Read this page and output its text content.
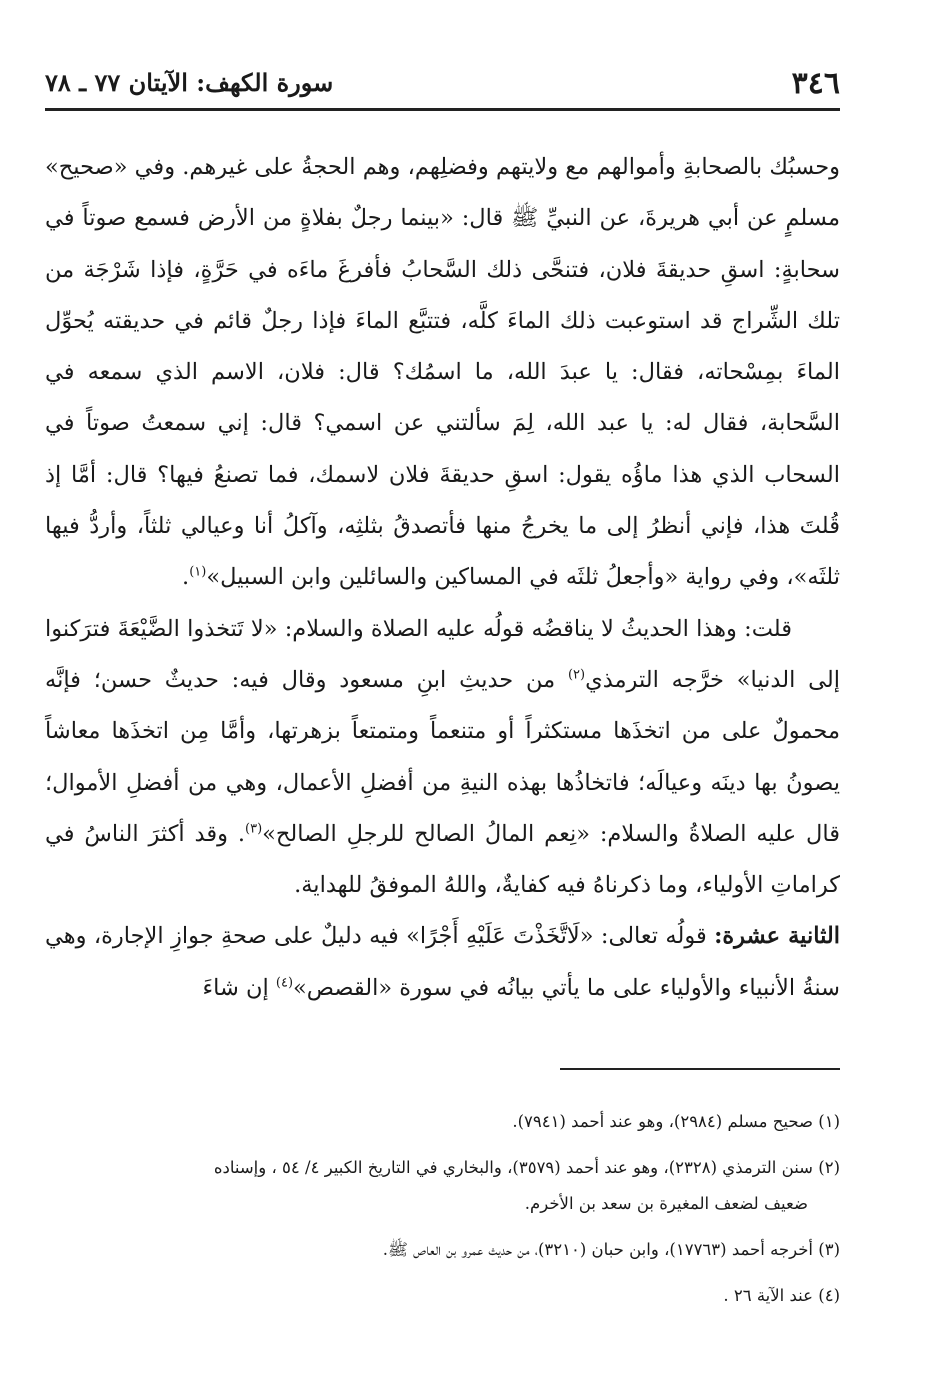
٣٤٦
سورة الكهف: الآيتان ٧٧ ـ ٧٨

وحسبُك بالصحابةِ وأموالهم مع ولايتهم وفضلِهم، وهم الحجةُ على غيرهم. وفي «صحيح» مسلمٍ عن أبي هريرةَ، عن النبيِّ ﷺ قال: «بينما رجلٌ بفلاةٍ من الأرض فسمع صوتاً في سحابةٍ: اسقِ حديقةَ فلان، فتنحَّى ذلك السَّحابُ فأفرغَ ماءَه في حَرَّةٍ، فإذا شَرْجَة من تلك الشِّراج قد استوعبت ذلك الماءَ كلَّه، فتتبَّع الماءَ فإذا رجلٌ قائم في حديقته يُحوِّل الماءَ بمِسْحاته، فقال: يا عبدَ الله، ما اسمُك؟ قال: فلان، الاسم الذي سمعه في السَّحابة، فقال له: يا عبد الله، لِمَ سألتني عن اسمي؟ قال: إني سمعتُ صوتاً في السحاب الذي هذا ماؤُه يقول: اسقِ حديقةَ فلان لاسمك، فما تصنعُ فيها؟ قال: أمَّا إذ قُلتَ هذا، فإني أنظرُ إلى ما يخرجُ منها فأتصدقُ بثلثِه، وآكلُ أنا وعيالي ثلثاً، وأردُّ فيها ثلثَه»، وفي رواية «وأجعلُ ثلثَه في المساكين والسائلين وابن السبيل»$^{(١)}$.

قلت: وهذا الحديثُ لا يناقضُه قولُه عليه الصلاة والسلام: «لا تَتخذوا الضَّيْعَةَ فترَكنوا إلى الدنيا» خرَّجه الترمذي$^{(٢)}$ من حديثِ ابنِ مسعود وقال فيه: حديثٌ حسن؛ فإنَّه محمولٌ على من اتخذَها مستكثراً أو متنعماً ومتمتعاً بزهرتها، وأمَّا مِن اتخذَها معاشاً يصونُ بها دينَه وعيالَه؛ فاتخاذُها بهذه النيةِ من أفضلِ الأعمال، وهي من أفضلِ الأموال؛ قال عليه الصلاةُ والسلام: «نِعم المالُ الصالح للرجلِ الصالح»$^{(٣)}$. وقد أكثرَ الناسُ في كراماتِ الأولياء، وما ذكرناهُ فيه كفايةٌ، واللهُ الموفقُ للهداية.

الثانية عشرة: قولُه تعالى: «لَاتَّخَذْتَ عَلَيْهِ أَجْرًا» فيه دليلٌ على صحةِ جوازِ الإجارة، وهي سنةُ الأنبياء والأولياء على ما يأتي بيانُه في سورة «القصص»$^{(٤)}$ إن شاءَ

(١) صحيح مسلم (٢٩٨٤)، وهو عند أحمد (٧٩٤١).
(٢) سنن الترمذي (٢٣٢٨)، وهو عند أحمد (٣٥٧٩)، والبخاري في التاريخ الكبير ٤/ ٥٤ ، وإسناده
ضعيف لضعف المغيرة بن سعد بن الأخرم.
(٣) أخرجه أحمد (١٧٧٦٣)، وابن حبان (٣٢١٠)، من حديث عمرو بن العاص ﷺ.
(٤) عند الآية ٢٦ .
